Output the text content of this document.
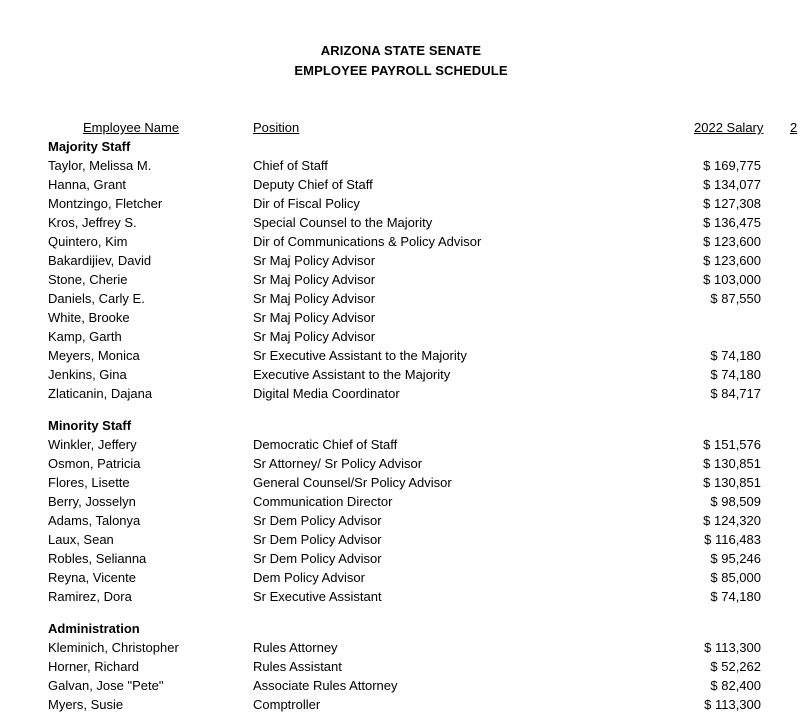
ARIZONA STATE SENATE
EMPLOYEE PAYROLL SCHEDULE
Employee Name	Position	2022 Salary 2
Majority Staff
Taylor, Melissa M.	Chief of Staff	$ 169,775
Hanna, Grant	Deputy Chief of Staff	$ 134,077
Montzingo, Fletcher	Dir of Fiscal Policy	$ 127,308
Kros, Jeffrey S.	Special Counsel to the Majority	$ 136,475
Quintero, Kim	Dir of Communications & Policy Advisor	$ 123,600
Bakardijiev, David	Sr Maj Policy Advisor	$ 123,600
Stone, Cherie	Sr Maj Policy Advisor	$ 103,000
Daniels, Carly E.	Sr Maj Policy Advisor	$ 87,550
White, Brooke	Sr Maj Policy Advisor
Kamp, Garth	Sr Maj Policy Advisor
Meyers, Monica	Sr Executive Assistant to the Majority	$ 74,180
Jenkins, Gina	Executive Assistant to the Majority	$ 74,180
Zlaticanin, Dajana	Digital Media Coordinator	$ 84,717
Minority Staff
Winkler, Jeffery	Democratic Chief of Staff	$ 151,576
Osmon, Patricia	Sr Attorney/ Sr Policy Advisor	$ 130,851
Flores, Lisette	General Counsel/Sr Policy Advisor	$ 130,851
Berry, Josselyn	Communication Director	$ 98,509
Adams, Talonya	Sr Dem Policy Advisor	$ 124,320
Laux, Sean	Sr Dem Policy Advisor	$ 116,483
Robles, Selianna	Sr Dem Policy Advisor	$ 95,246
Reyna, Vicente	Dem Policy Advisor	$ 85,000
Ramirez, Dora	Sr Executive Assistant	$ 74,180
Administration
Kleminich, Christopher	Rules Attorney	$ 113,300
Horner, Richard	Rules Assistant	$ 52,262
Galvan, Jose "Pete"	Associate Rules Attorney	$ 82,400
Myers, Susie	Comptroller	$ 113,300
